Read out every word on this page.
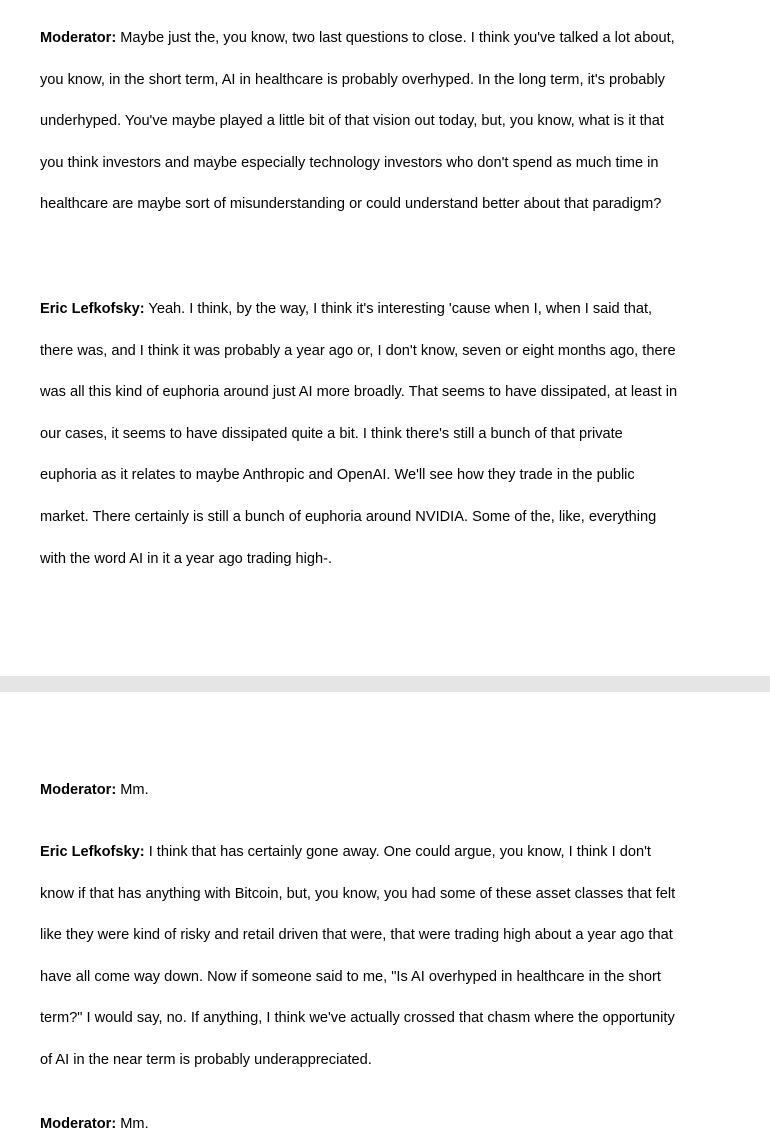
Moderator: Maybe just the, you know, two last questions to close. I think you've talked a lot about, you know, in the short term, AI in healthcare is probably overhyped. In the long term, it's probably underhyped. You've maybe played a little bit of that vision out today, but, you know, what is it that you think investors and maybe especially technology investors who don't spend as much time in healthcare are maybe sort of misunderstanding or could understand better about that paradigm?

Eric Lefkofsky: Yeah. I think, by the way, I think it's interesting 'cause when I, when I said that, there was, and I think it was probably a year ago or, I don't know, seven or eight months ago, there was all this kind of euphoria around just AI more broadly. That seems to have dissipated, at least in our cases, it seems to have dissipated quite a bit. I think there's still a bunch of that private euphoria as it relates to maybe Anthropic and OpenAI. We'll see how they trade in the public market. There certainly is still a bunch of euphoria around NVIDIA. Some of the, like, everything with the word AI in it a year ago trading high-.

Moderator: Mm.

Eric Lefkofsky: I think that has certainly gone away. One could argue, you know, I think I don't know if that has anything with Bitcoin, but, you know, you had some of these asset classes that felt like they were kind of risky and retail driven that were, that were trading high about a year ago that have all come way down. Now if someone said to me, "Is AI overhyped in healthcare in the short term?" I would say, no. If anything, I think we've actually crossed that chasm where the opportunity of AI in the near term is probably underappreciated.

Moderator: Mm.
